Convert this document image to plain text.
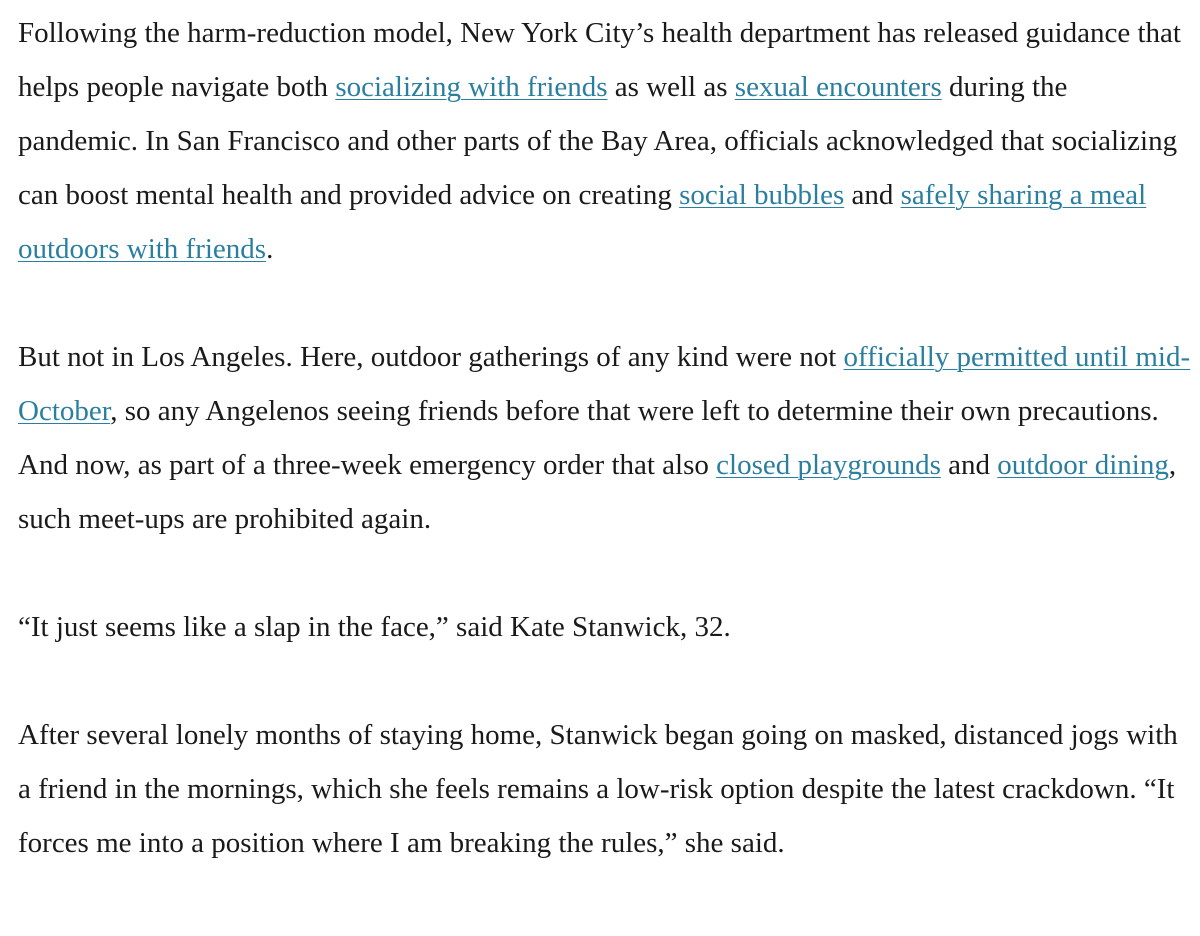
Following the harm-reduction model, New York City’s health department has released guidance that helps people navigate both socializing with friends as well as sexual encounters during the pandemic. In San Francisco and other parts of the Bay Area, officials acknowledged that socializing can boost mental health and provided advice on creating social bubbles and safely sharing a meal outdoors with friends.

But not in Los Angeles. Here, outdoor gatherings of any kind were not officially permitted until mid-October, so any Angelenos seeing friends before that were left to determine their own precautions. And now, as part of a three-week emergency order that also closed playgrounds and outdoor dining, such meet-ups are prohibited again.

“It just seems like a slap in the face,” said Kate Stanwick, 32.

After several lonely months of staying home, Stanwick began going on masked, distanced jogs with a friend in the mornings, which she feels remains a low-risk option despite the latest crackdown. “It forces me into a position where I am breaking the rules,” she said.
